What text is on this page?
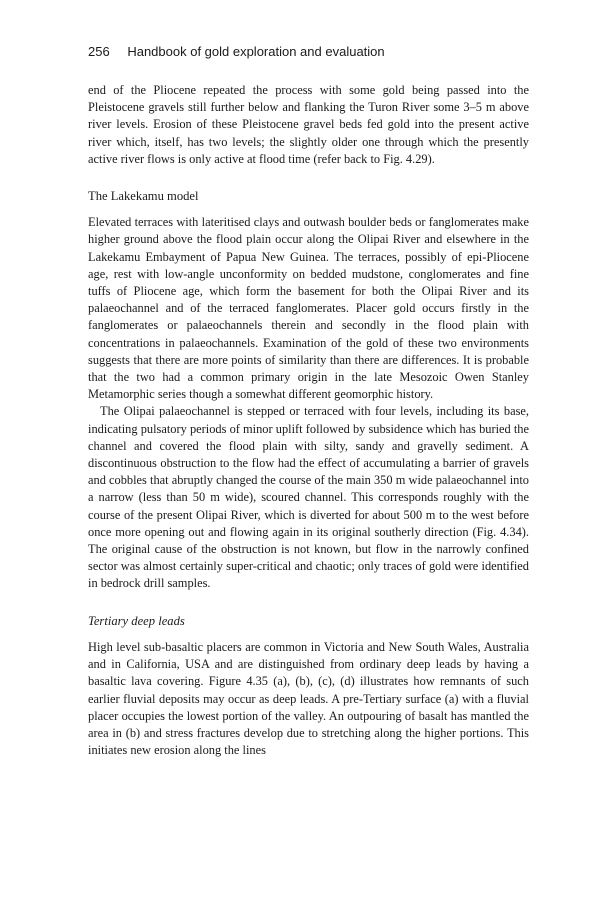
256 Handbook of gold exploration and evaluation

end of the Pliocene repeated the process with some gold being passed into the Pleistocene gravels still further below and flanking the Turon River some 3–5 m above river levels. Erosion of these Pleistocene gravel beds fed gold into the present active river which, itself, has two levels; the slightly older one through which the presently active river flows is only active at flood time (refer back to Fig. 4.29).

The Lakekamu model

Elevated terraces with lateritised clays and outwash boulder beds or fanglomerates make higher ground above the flood plain occur along the Olipai River and elsewhere in the Lakekamu Embayment of Papua New Guinea. The terraces, possibly of epi-Pliocene age, rest with low-angle unconformity on bedded mudstone, conglomerates and fine tuffs of Pliocene age, which form the basement for both the Olipai River and its palaeochannel and of the terraced fanglomerates. Placer gold occurs firstly in the fanglomerates or palaeochannels therein and secondly in the flood plain with concentrations in palaeochannels. Examination of the gold of these two environments suggests that there are more points of similarity than there are differences. It is probable that the two had a common primary origin in the late Mesozoic Owen Stanley Metamorphic series though a somewhat different geomorphic history.

The Olipai palaeochannel is stepped or terraced with four levels, including its base, indicating pulsatory periods of minor uplift followed by subsidence which has buried the channel and covered the flood plain with silty, sandy and gravelly sediment. A discontinuous obstruction to the flow had the effect of accumulating a barrier of gravels and cobbles that abruptly changed the course of the main 350 m wide palaeochannel into a narrow (less than 50 m wide), scoured channel. This corresponds roughly with the course of the present Olipai River, which is diverted for about 500 m to the west before once more opening out and flowing again in its original southerly direction (Fig. 4.34). The original cause of the obstruction is not known, but flow in the narrowly confined sector was almost certainly super-critical and chaotic; only traces of gold were identified in bedrock drill samples.

Tertiary deep leads

High level sub-basaltic placers are common in Victoria and New South Wales, Australia and in California, USA and are distinguished from ordinary deep leads by having a basaltic lava covering. Figure 4.35 (a), (b), (c), (d) illustrates how remnants of such earlier fluvial deposits may occur as deep leads. A pre-Tertiary surface (a) with a fluvial placer occupies the lowest portion of the valley. An outpouring of basalt has mantled the area in (b) and stress fractures develop due to stretching along the higher portions. This initiates new erosion along the lines
